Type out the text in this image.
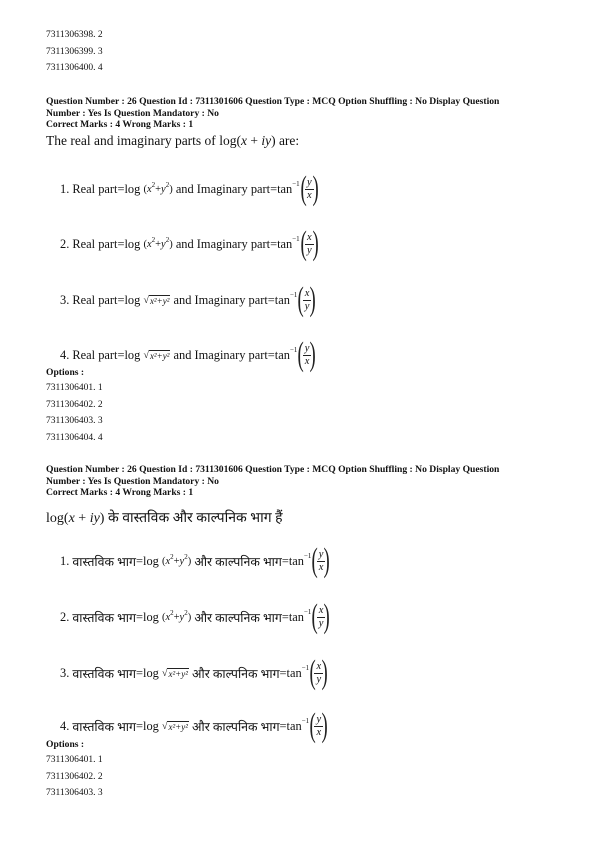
7311306398. 2
7311306399. 3
7311306400. 4
Question Number : 26 Question Id : 7311301606 Question Type : MCQ Option Shuffling : No Display Question
Number : Yes Is Question Mandatory : No
Correct Marks : 4 Wrong Marks : 1
The real and imaginary parts of log(x + iy) are:
1.
Real part = log
$(x^2+y^2)$
and Imaginary part = tan −1 ( y
x )
2.
Real part = log
$(x^2+y^2)$
and Imaginary part = tan −1 ( x
y )
3.
Real part = log
√ x²+y²
and Imaginary part = tan −1 ( x
y )
4.
Real part = log
√ x²+y²
and Imaginary part = tan −1 ( y
x )
Options :
7311306401. 1
7311306402. 2
7311306403. 3
7311306404. 4
Question Number : 26 Question Id : 7311301606 Question Type : MCQ Option Shuffling : No Display Question
Number : Yes Is Question Mandatory : No
Correct Marks : 4 Wrong Marks : 1
log(x + iy) के वास्तविक और काल्पनिक भाग हैं
1.
वास्तविक भाग = log
$(x^2+y^2)$
और काल्पनिक भाग = tan −1 ( y
x )
2.
वास्तविक भाग = log
$(x^2+y^2)$
और काल्पनिक भाग = tan −1 ( x
y )
3.
वास्तविक भाग = log
√ x²+y²
और काल्पनिक भाग = tan −1 ( x
y )
4.
वास्तविक भाग = log
√ x²+y²
और काल्पनिक भाग = tan −1 ( y
x )
Options :
7311306401. 1
7311306402. 2
7311306403. 3
